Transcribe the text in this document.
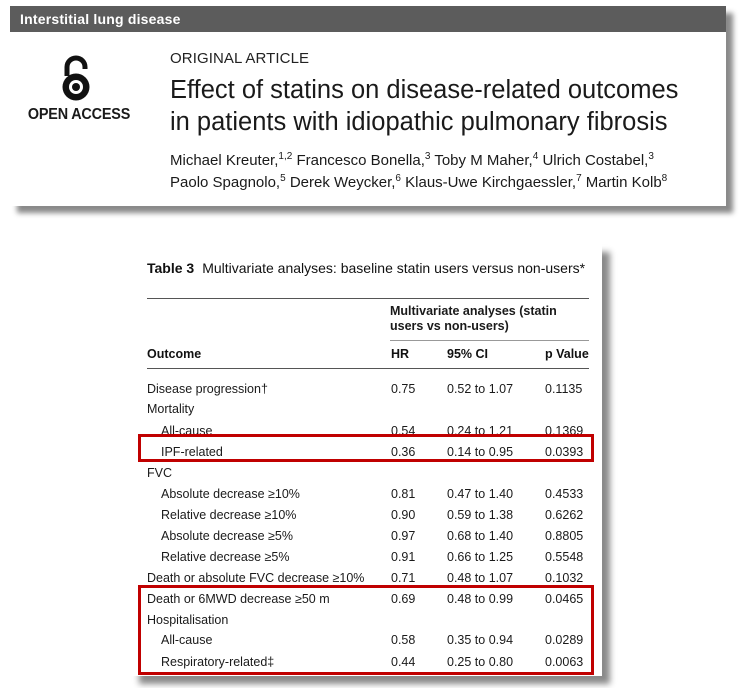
Interstitial lung disease
OPEN ACCESS
ORIGINAL ARTICLE
Effect of statins on disease-related outcomes
in patients with idiopathic pulmonary fibrosis
Michael Kreuter,$^{1,2}$ Francesco Bonella,$^3$ Toby M Maher,$^4$ Ulrich Costabel,$^3$
Paolo Spagnolo,$^5$ Derek Weycker,$^6$ Klaus-Uwe Kirchgaessler,$^7$ Martin Kolb$^8$
Table 3 Multivariate analyses: baseline statin users versus non-users*
Multivariate analyses (statin users vs non-users)
Outcome	HR	95% CI	p Value
Disease progression†	0.75	0.52 to 1.07	0.1135
Mortality
All-cause	0.54	0.24 to 1.21	0.1369
IPF-related	0.36	0.14 to 0.95	0.0393
FVC
Absolute decrease ≥10%	0.81	0.47 to 1.40	0.4533
Relative decrease ≥10%	0.90	0.59 to 1.38	0.6262
Absolute decrease ≥5%	0.97	0.68 to 1.40	0.8805
Relative decrease ≥5%	0.91	0.66 to 1.25	0.5548
Death or absolute FVC decrease ≥10% 0.71	0.48 to 1.07	0.1032
Death or 6MWD decrease ≥50 m	0.69	0.48 to 0.99	0.0465
Hospitalisation
All-cause	0.58	0.35 to 0.94	0.0289
Respiratory-related‡	0.44	0.25 to 0.80	0.0063
